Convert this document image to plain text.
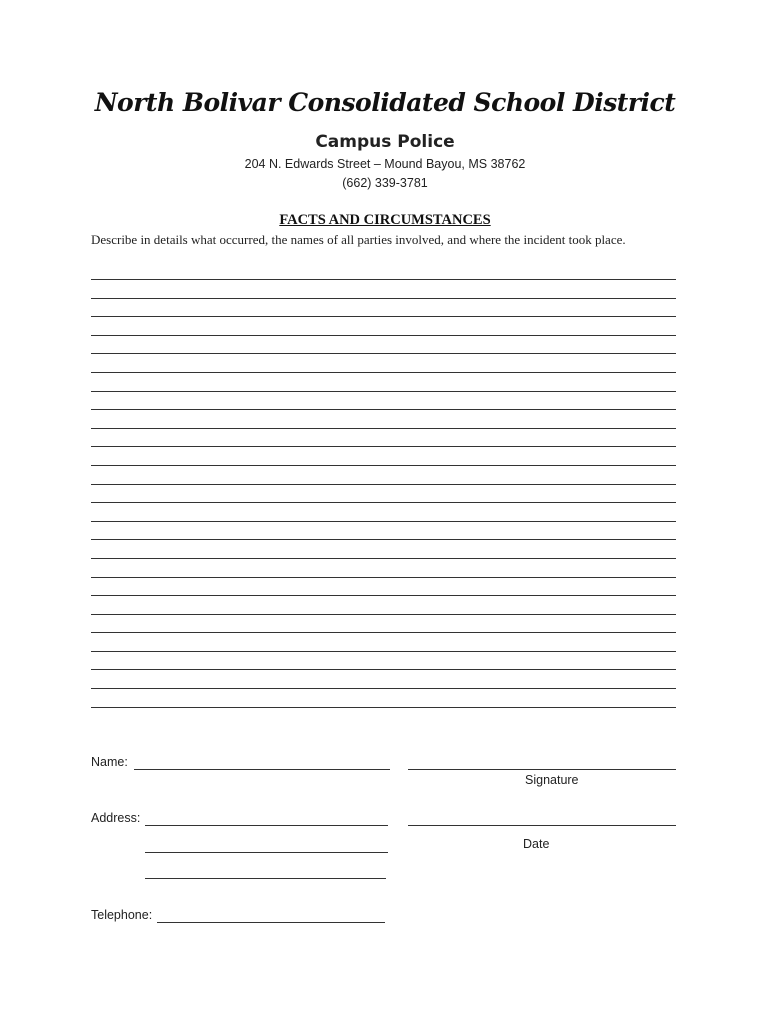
North Bolivar Consolidated School District
Campus Police
204 N. Edwards Street – Mound Bayou, MS 38762
(662) 339-3781
FACTS AND CIRCUMSTANCES
Describe in details what occurred, the names of all parties involved, and where the incident took place.
Name:
Signature
Address:
Date
Telephone:
